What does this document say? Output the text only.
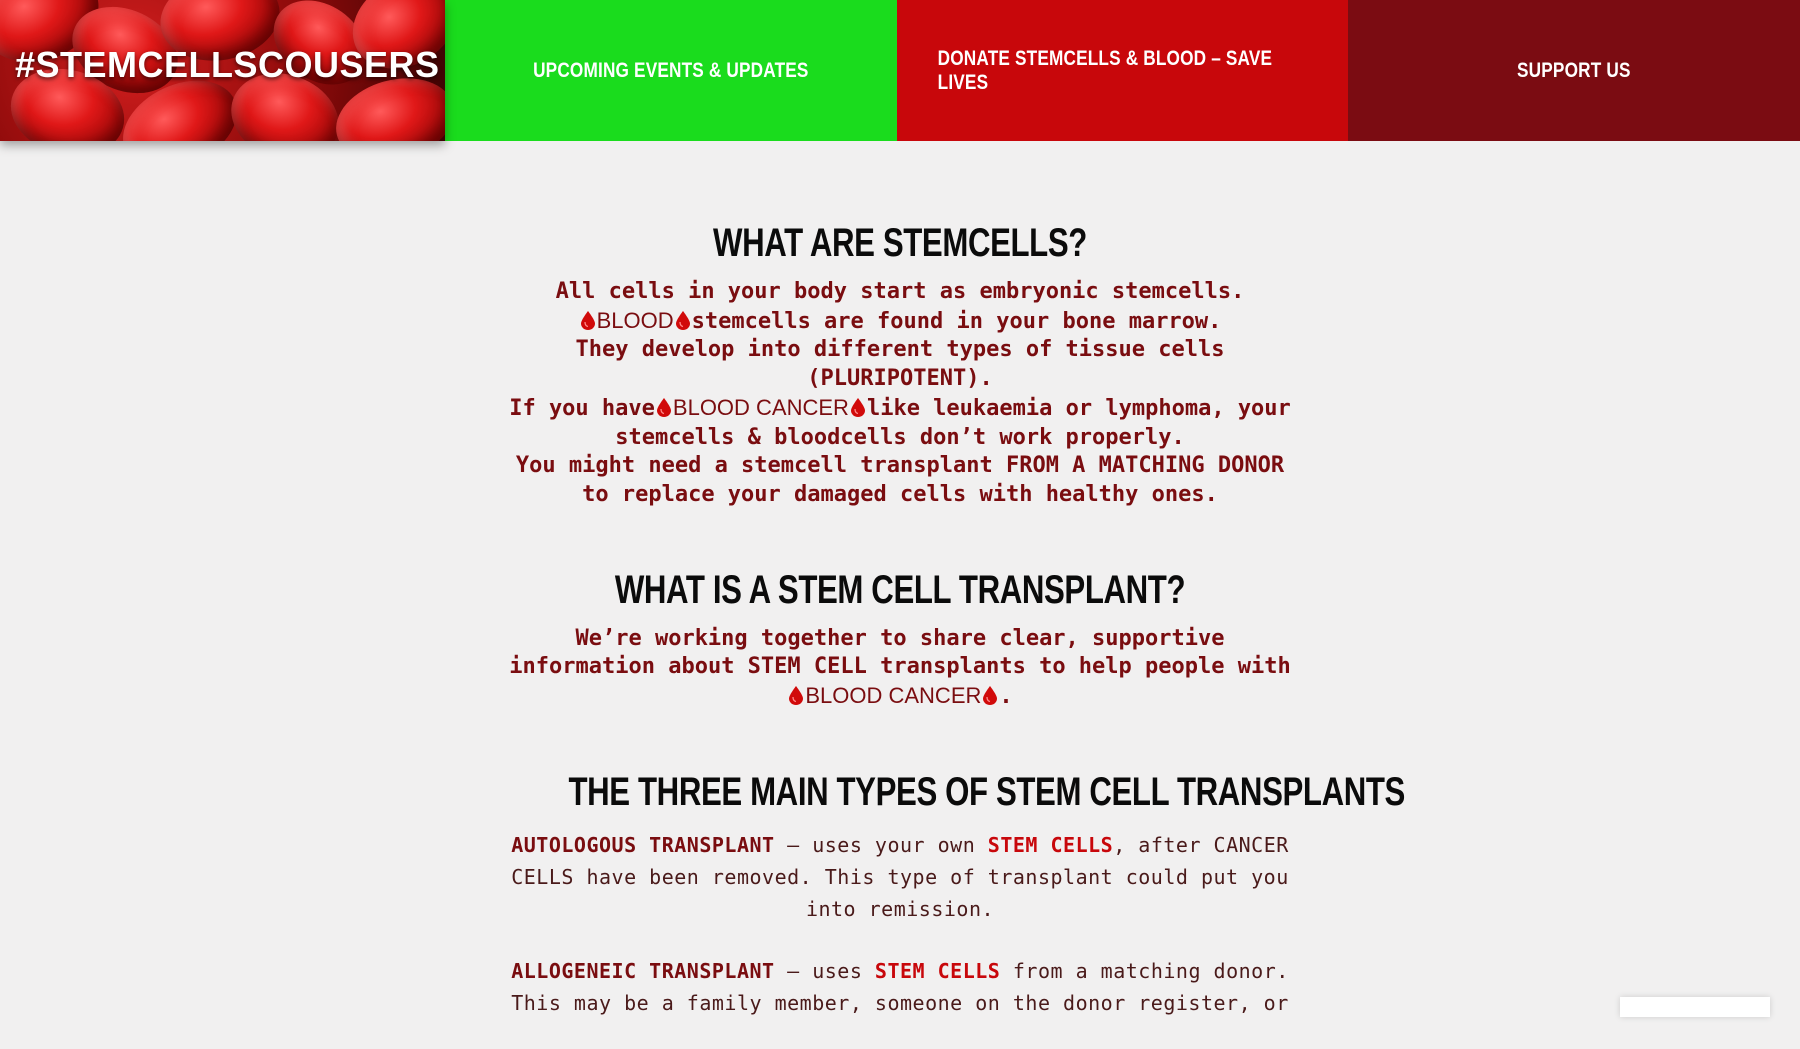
#STEMCELLSCOUSERS	UPCOMING EVENTS & UPDATES
DONATE STEMCELLS & BLOOD – SAVE LIVES
SUPPORT US
WHAT ARE STEMCELLS?

All cells in your body start as embryonic stemcells.

BLOOD stemcells are found in your bone marrow.

They develop into different types of tissue cells

(PLURIPOTENT).

If you have BLOOD CANCER like leukaemia or lymphoma, your

stemcells & bloodcells don’t work properly.

You might need a stemcell transplant FROM A MATCHING DONOR

to replace your damaged cells with healthy ones.

WHAT IS A STEM CELL TRANSPLANT?

We’re working together to share clear, supportive

information about STEM CELL transplants to help people with

BLOOD CANCER .

THE THREE MAIN TYPES OF STEM CELL TRANSPLANTS

AUTOLOGOUS TRANSPLANT — uses your own STEM CELLS, after CANCER CELLS have been removed. This type of transplant could put you into remission.

ALLOGENEIC TRANSPLANT — uses STEM CELLS from a matching donor. This may be a family member, someone on the donor register, or
